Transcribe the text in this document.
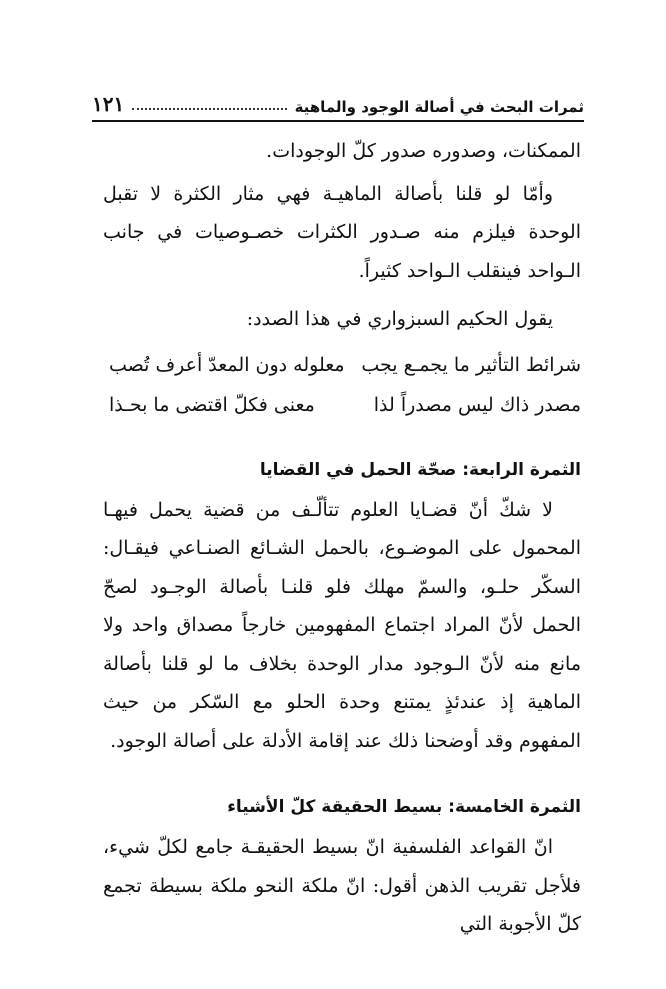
ثمرات البحث في أصالة الوجود والماهية
١٢١

الممكنات، وصدوره صدور كلّ الوجودات.

وأمّا لو قلنا بأصالة الماهيـة فهي مثار الكثرة لا تقبل الوحدة فيلزم منه صـدور الكثرات خصـوصيات في جانب الـواحد فينقلب الـواحد كثيراً.

يقول الحكيم السبزواري في هذا الصدد:

شرائط التأثير ما يجمـع يجب
معلوله دون المعدّ أعرف تُصب
مصدر ذاك ليس مصدراً لذا
معنى فكلّ اقتضى ما بحـذا

الثمرة الرابعة: صحّة الحمل في القضايا

لا شكّ أنّ قضـايا العلوم تتألّـف من قضية يحمل فيهـا المحمول على الموضـوع، بالحمل الشـائع الصنـاعي فيقـال: السكّر حلـو، والسمّ مهلك فلو قلنـا بأصالة الوجـود لصحّ الحمل لأنّ المراد اجتماع المفهومين خارجاً مصداق واحد ولا مانع منه لأنّ الـوجود مدار الوحدة بخلاف ما لو قلنا بأصالة الماهية إذ عندئذٍ يمتنع وحدة الحلو مع السّكر من حيث المفهوم وقد أوضحنا ذلك عند إقامة الأدلة على أصالة الوجود.

الثمرة الخامسة: بسيط الحقيقة كلّ الأشياء

انّ القواعد الفلسفية انّ بسيط الحقيقـة جامع لكلّ شيء، فلأجل تقريب الذهن أقول: انّ ملكة النحو ملكة بسيطة تجمع كلّ الأجوبة التي
